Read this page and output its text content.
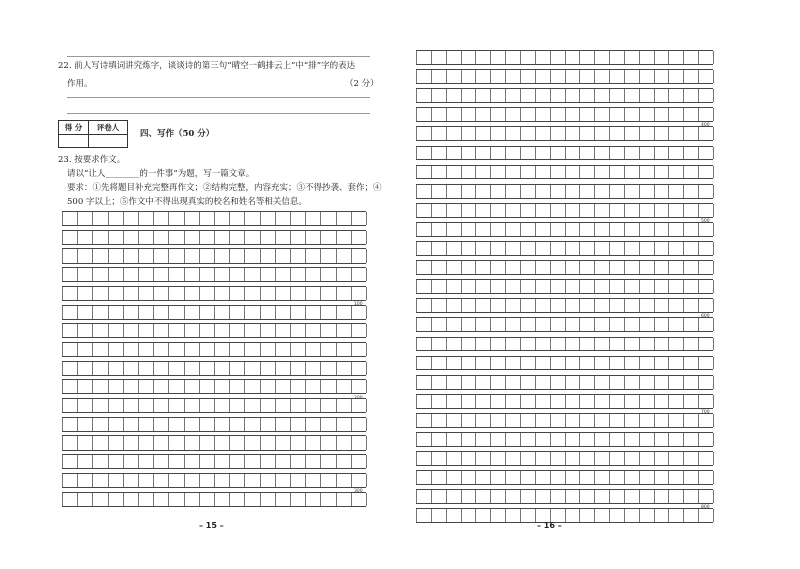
22. 前人写诗填词讲究炼字，谈谈诗的第三句“晴空一鹤排云上”中“排”字的表达
作用。	（2 分）
得 分	评卷人
四、写作（50 分）
23. 按要求作文。
请以“让人________的一件事”为题，写一篇文章。
要求：①先将题目补充完整再作文；②结构完整，内容充实；③不得抄袭、套作；④
500 字以上；⑤作文中不得出现真实的校名和姓名等相关信息。
100
200
300
– 15 –
400
500
600
700
800
– 16 –
